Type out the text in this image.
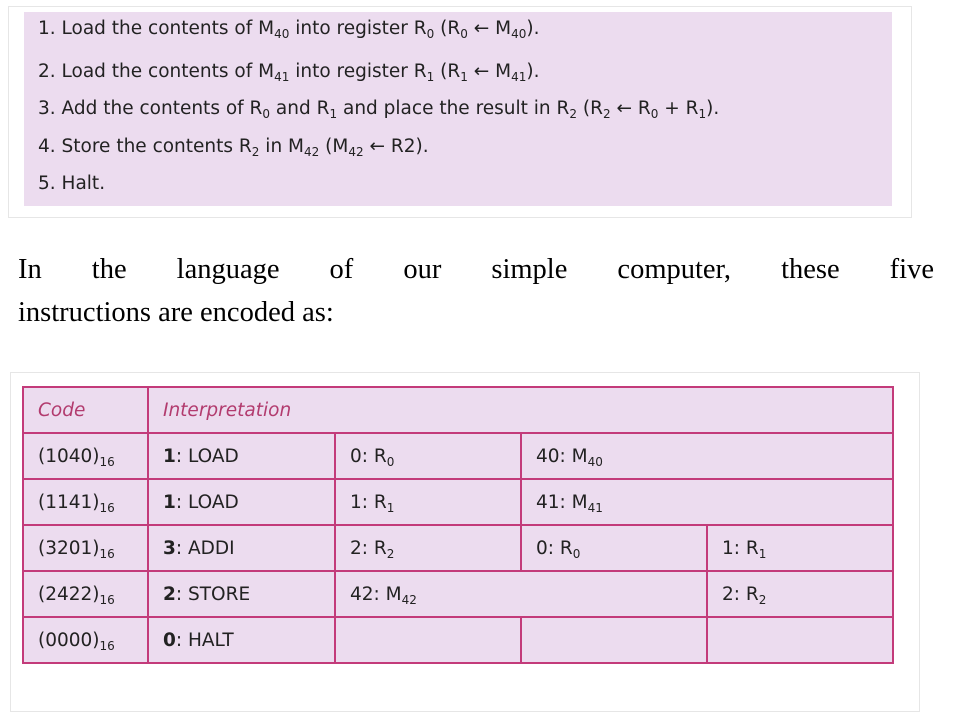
1. Load the contents of $M_{40}$ into register $R_0$ ($R_0$ ← $M_{40}$).
2. Load the contents of $M_{41}$ into register $R_1$ ($R_1$ ← $M_{41}$).
3. Add the contents of $R_0$ and $R_1$ and place the result in $R_2$ ($R_2$ ← $R_0 + R_1$).
4. Store the contents $R_2$ in $M_{42}$ ($M_{42}$ ← R2).
5. Halt.
In the language of our simple computer, these five
instructions are encoded as:
Code	Interpretation			
$(1040)_{16}$	1: LOAD	0: $R_0$	40: $M_{40}$
$(1141)_{16}$	1: LOAD	1: $R_1$	41: $M_{41}$
$(3201)_{16}$	3: ADDI	2: $R_2$	0: $R_0$	1: $R_1$
$(2422)_{16}$	2: STORE	42: $M_{42}$		2: $R_2$
$(0000)_{16}$	0: HALT			
